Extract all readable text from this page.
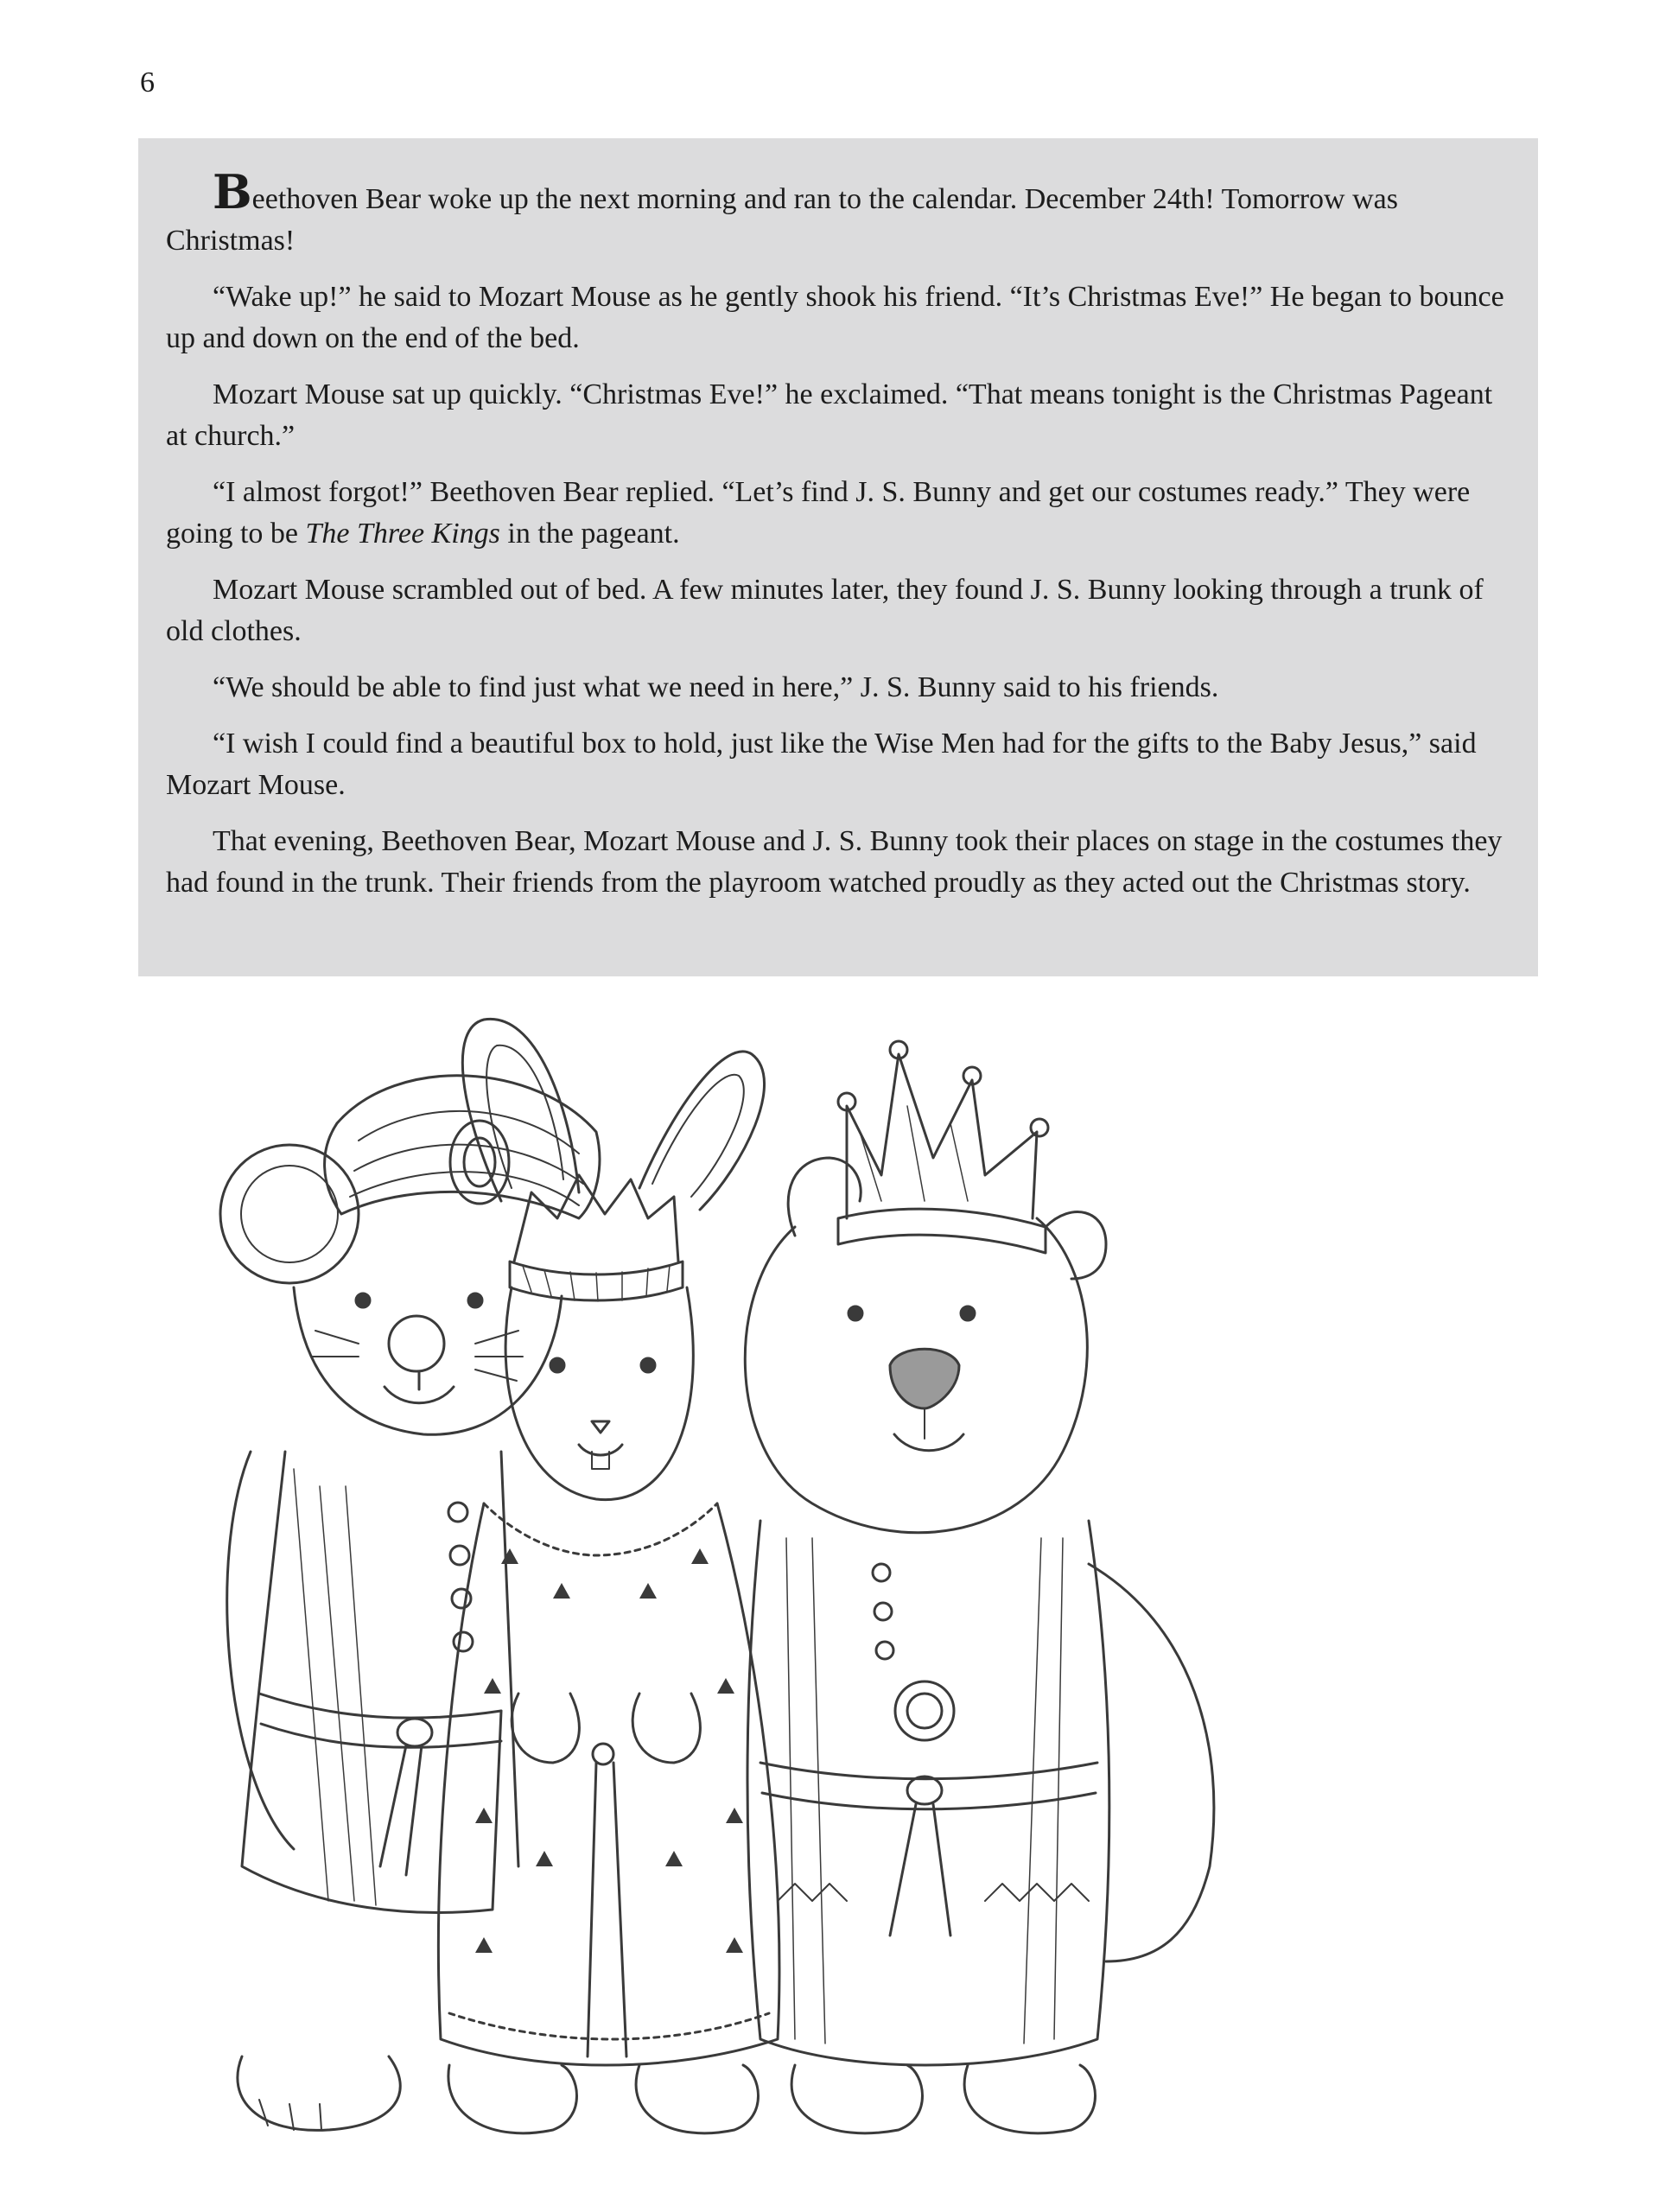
6

Beethoven Bear woke up the next morning and ran to the calendar. December 24th! Tomorrow was Christmas!

“Wake up!” he said to Mozart Mouse as he gently shook his friend. “It’s Christmas Eve!” He began to bounce up and down on the end of the bed.

Mozart Mouse sat up quickly. “Christmas Eve!” he exclaimed. “That means tonight is the Christmas Pageant at church.”

“I almost forgot!” Beethoven Bear replied. “Let’s find J. S. Bunny and get our costumes ready.” They were going to be The Three Kings in the pageant.

Mozart Mouse scrambled out of bed. A few minutes later, they found J. S. Bunny looking through a trunk of old clothes.

“We should be able to find just what we need in here,” J. S. Bunny said to his friends.

“I wish I could find a beautiful box to hold, just like the Wise Men had for the gifts to the Baby Jesus,” said Mozart Mouse.

That evening, Beethoven Bear, Mozart Mouse and J. S. Bunny took their places on stage in the costumes they had found in the trunk. Their friends from the playroom watched proudly as they acted out the Christmas story.
